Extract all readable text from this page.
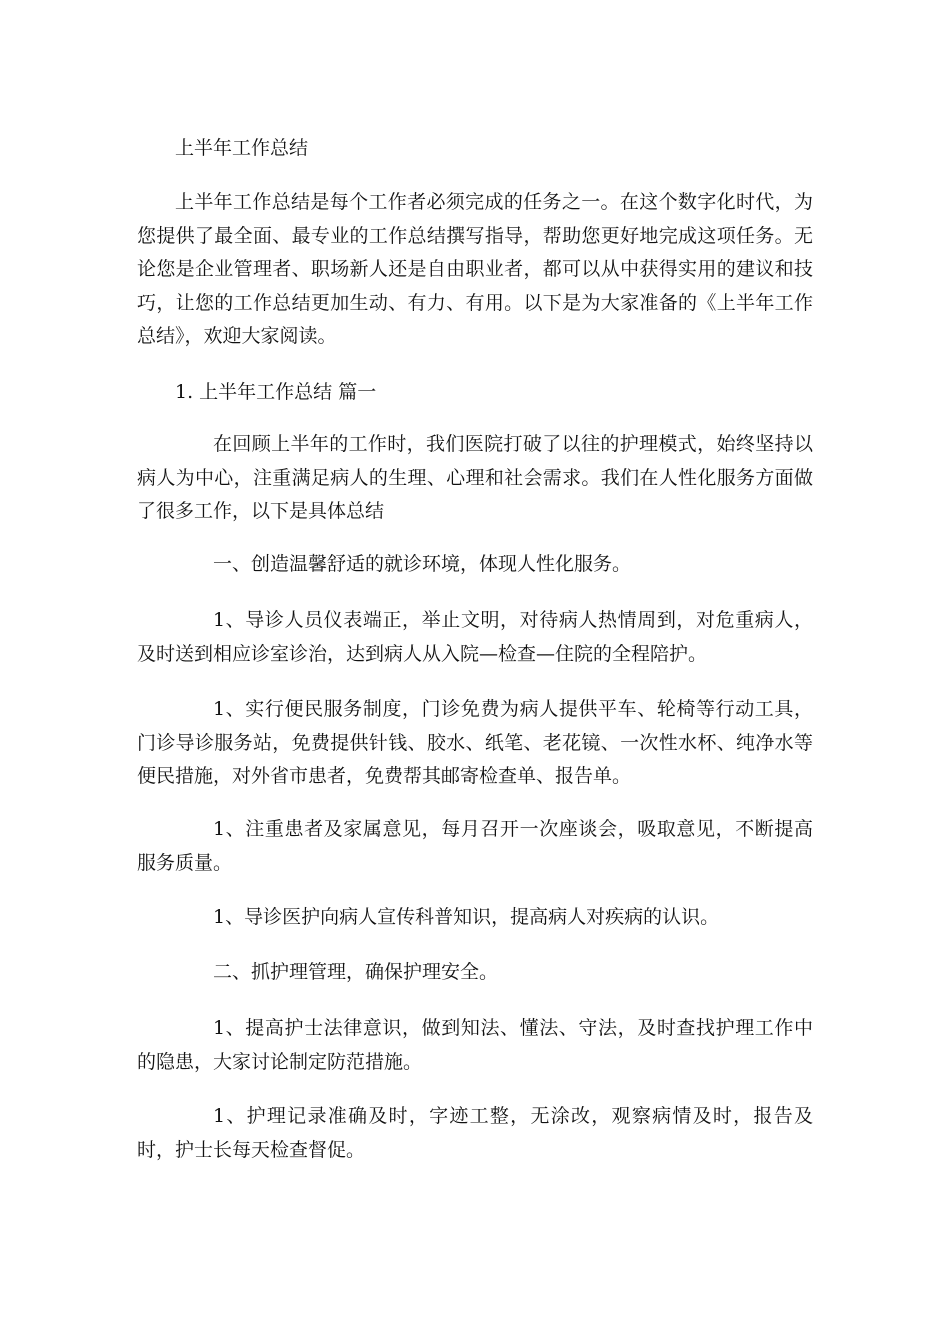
上半年工作总结

上半年工作总结是每个工作者必须完成的任务之一。在这个数字化时代，为您提供了最全面、最专业的工作总结撰写指导，帮助您更好地完成这项任务。无论您是企业管理者、职场新人还是自由职业者，都可以从中获得实用的建议和技巧，让您的工作总结更加生动、有力、有用。以下是为大家准备的《上半年工作总结》，欢迎大家阅读。

1. 上半年工作总结 篇一

在回顾上半年的工作时，我们医院打破了以往的护理模式，始终坚持以病人为中心，注重满足病人的生理、心理和社会需求。我们在人性化服务方面做了很多工作，以下是具体总结

一、创造温馨舒适的就诊环境，体现人性化服务。

1、导诊人员仪表端正，举止文明，对待病人热情周到，对危重病人，及时送到相应诊室诊治，达到病人从入院—检查—住院的全程陪护。

1、实行便民服务制度，门诊免费为病人提供平车、轮椅等行动工具，门诊导诊服务站，免费提供针钱、胶水、纸笔、老花镜、一次性水杯、纯净水等便民措施，对外省市患者，免费帮其邮寄检查单、报告单。

1、注重患者及家属意见，每月召开一次座谈会，吸取意见，不断提高服务质量。

1、导诊医护向病人宣传科普知识，提高病人对疾病的认识。

二、抓护理管理，确保护理安全。

1、提高护士法律意识，做到知法、懂法、守法，及时查找护理工作中的隐患，大家讨论制定防范措施。

1、护理记录准确及时，字迹工整，无涂改，观察病情及时，报告及时，护士长每天检查督促。
